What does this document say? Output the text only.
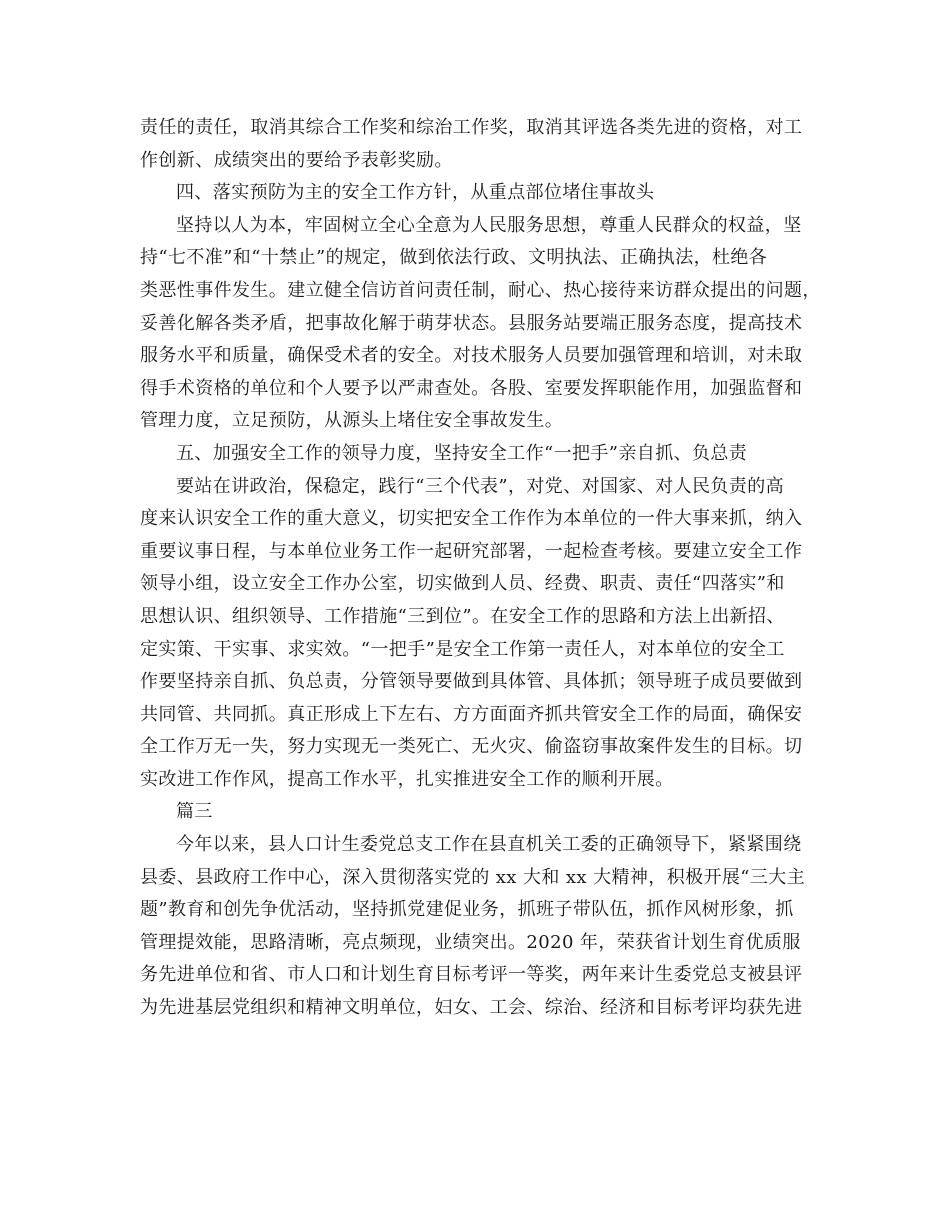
责任的责任，取消其综合工作奖和综治工作奖，取消其评选各类先进的资格，对工
作创新、成绩突出的要给予表彰奖励。
四、落实预防为主的安全工作方针，从重点部位堵住事故头
坚持以人为本，牢固树立全心全意为人民服务思想，尊重人民群众的权益，坚
持“七不准”和“十禁止”的规定，做到依法行政、文明执法、正确执法，杜绝各
类恶性事件发生。建立健全信访首问责任制，耐心、热心接待来访群众提出的问题，
妥善化解各类矛盾，把事故化解于萌芽状态。县服务站要端正服务态度，提高技术
服务水平和质量，确保受术者的安全。对技术服务人员要加强管理和培训，对未取
得手术资格的单位和个人要予以严肃查处。各股、室要发挥职能作用，加强监督和
管理力度，立足预防，从源头上堵住安全事故发生。
五、加强安全工作的领导力度，坚持安全工作“一把手”亲自抓、负总责
要站在讲政治，保稳定，践行“三个代表”，对党、对国家、对人民负责的高
度来认识安全工作的重大意义，切实把安全工作作为本单位的一件大事来抓，纳入
重要议事日程，与本单位业务工作一起研究部署，一起检查考核。要建立安全工作
领导小组，设立安全工作办公室，切实做到人员、经费、职责、责任“四落实”和
思想认识、组织领导、工作措施“三到位”。在安全工作的思路和方法上出新招、
定实策、干实事、求实效。“一把手”是安全工作第一责任人，对本单位的安全工
作要坚持亲自抓、负总责，分管领导要做到具体管、具体抓；领导班子成员要做到
共同管、共同抓。真正形成上下左右、方方面面齐抓共管安全工作的局面，确保安
全工作万无一失，努力实现无一类死亡、无火灾、偷盗窃事故案件发生的目标。切
实改进工作作风，提高工作水平，扎实推进安全工作的顺利开展。
篇三
今年以来，县人口计生委党总支工作在县直机关工委的正确领导下，紧紧围绕
县委、县政府工作中心，深入贯彻落实党的 xx 大和 xx 大精神，积极开展“三大主
题”教育和创先争优活动，坚持抓党建促业务，抓班子带队伍，抓作风树形象，抓
管理提效能，思路清晰，亮点频现，业绩突出。2020 年，荣获省计划生育优质服
务先进单位和省、市人口和计划生育目标考评一等奖，两年来计生委党总支被县评
为先进基层党组织和精神文明单位，妇女、工会、综治、经济和目标考评均获先进
